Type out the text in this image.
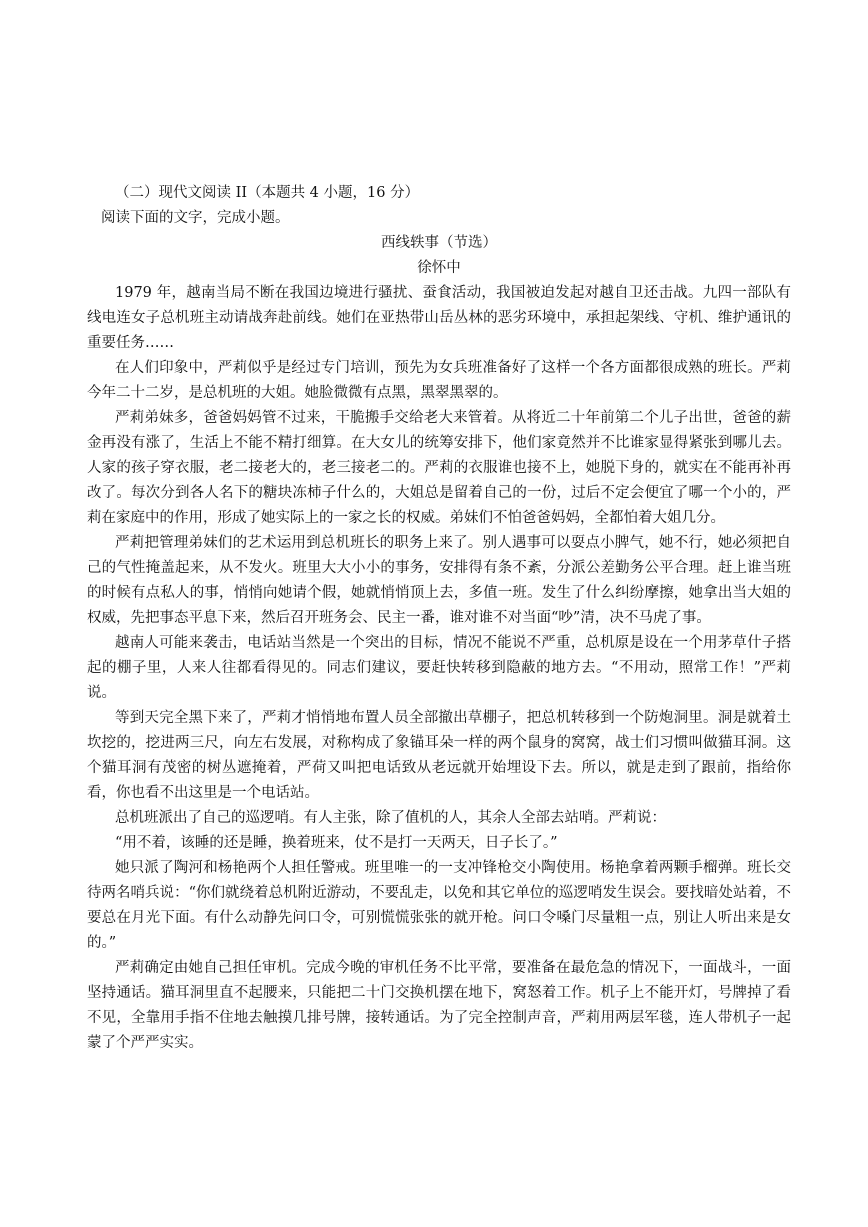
（二）现代文阅读 II（本题共 4 小题，16 分）

阅读下面的文字，完成小题。

西线轶事（节选）

徐怀中

1979 年，越南当局不断在我国边境进行骚扰、蚕食活动，我国被迫发起对越自卫还击战。九四一部队有线电连女子总机班主动请战奔赴前线。她们在亚热带山岳丛林的恶劣环境中，承担起架线、守机、维护通讯的重要任务……

在人们印象中，严莉似乎是经过专门培训，预先为女兵班准备好了这样一个各方面都很成熟的班长。严莉今年二十二岁，是总机班的大姐。她脸微微有点黑，黑翠黑翠的。

严莉弟妹多，爸爸妈妈管不过来，干脆搬手交给老大来管着。从将近二十年前第二个儿子出世，爸爸的薪金再没有涨了，生活上不能不精打细算。在大女儿的统筹安排下，他们家竟然并不比谁家显得紧张到哪儿去。人家的孩子穿衣服，老二接老大的，老三接老二的。严莉的衣服谁也接不上，她脱下身的，就实在不能再补再改了。每次分到各人名下的糖块冻柿子什么的，大姐总是留着自己的一份，过后不定会便宜了哪一个小的，严莉在家庭中的作用，形成了她实际上的一家之长的权威。弟妹们不怕爸爸妈妈，全都怕着大姐几分。

严莉把管理弟妹们的艺术运用到总机班长的职务上来了。别人遇事可以耍点小脾气，她不行，她必须把自己的气性掩盖起来，从不发火。班里大大小小的事务，安排得有条不紊，分派公差勤务公平合理。赶上谁当班的时候有点私人的事，悄悄向她请个假，她就悄悄顶上去，多值一班。发生了什么纠纷摩擦，她拿出当大姐的权威，先把事态平息下来，然后召开班务会、民主一番，谁对谁不对当面“吵”清，决不马虎了事。

越南人可能来袭击，电话站当然是一个突出的目标，情况不能说不严重，总机原是设在一个用茅草什子搭起的棚子里，人来人往都看得见的。同志们建议，要赶快转移到隐蔽的地方去。“不用动，照常工作！”严莉说。

等到天完全黑下来了，严莉才悄悄地布置人员全部撤出草棚子，把总机转移到一个防炮洞里。洞是就着土坎挖的，挖进两三尺，向左右发展，对称构成了象锚耳朵一样的两个鼠身的窝窝，战士们习惯叫做猫耳洞。这个猫耳洞有茂密的树丛遮掩着，严荷又叫把电话致从老远就开始埋设下去。所以，就是走到了跟前，指给你看，你也看不出这里是一个电话站。

总机班派出了自己的巡逻哨。有人主张，除了值机的人，其余人全部去站哨。严莉说：

“用不着，该睡的还是睡，换着班来，仗不是打一天两天，日子长了。”

她只派了陶河和杨艳两个人担任警戒。班里唯一的一支冲锋枪交小陶使用。杨艳拿着两颗手榴弹。班长交待两名哨兵说：“你们就绕着总机附近游动，不要乱走，以免和其它单位的巡逻哨发生误会。要找暗处站着，不要总在月光下面。有什么动静先问口令，可别慌慌张张的就开枪。问口令嗓门尽量粗一点，别让人听出来是女的。”

严莉确定由她自己担任审机。完成今晚的审机任务不比平常，要准备在最危急的情况下，一面战斗，一面坚持通话。猫耳洞里直不起腰来，只能把二十门交换机摆在地下，窝怒着工作。机子上不能开灯，号牌掉了看不见，全靠用手指不住地去触摸几排号牌，接转通话。为了完全控制声音，严莉用两层军毯，连人带机子一起蒙了个严严实实。
